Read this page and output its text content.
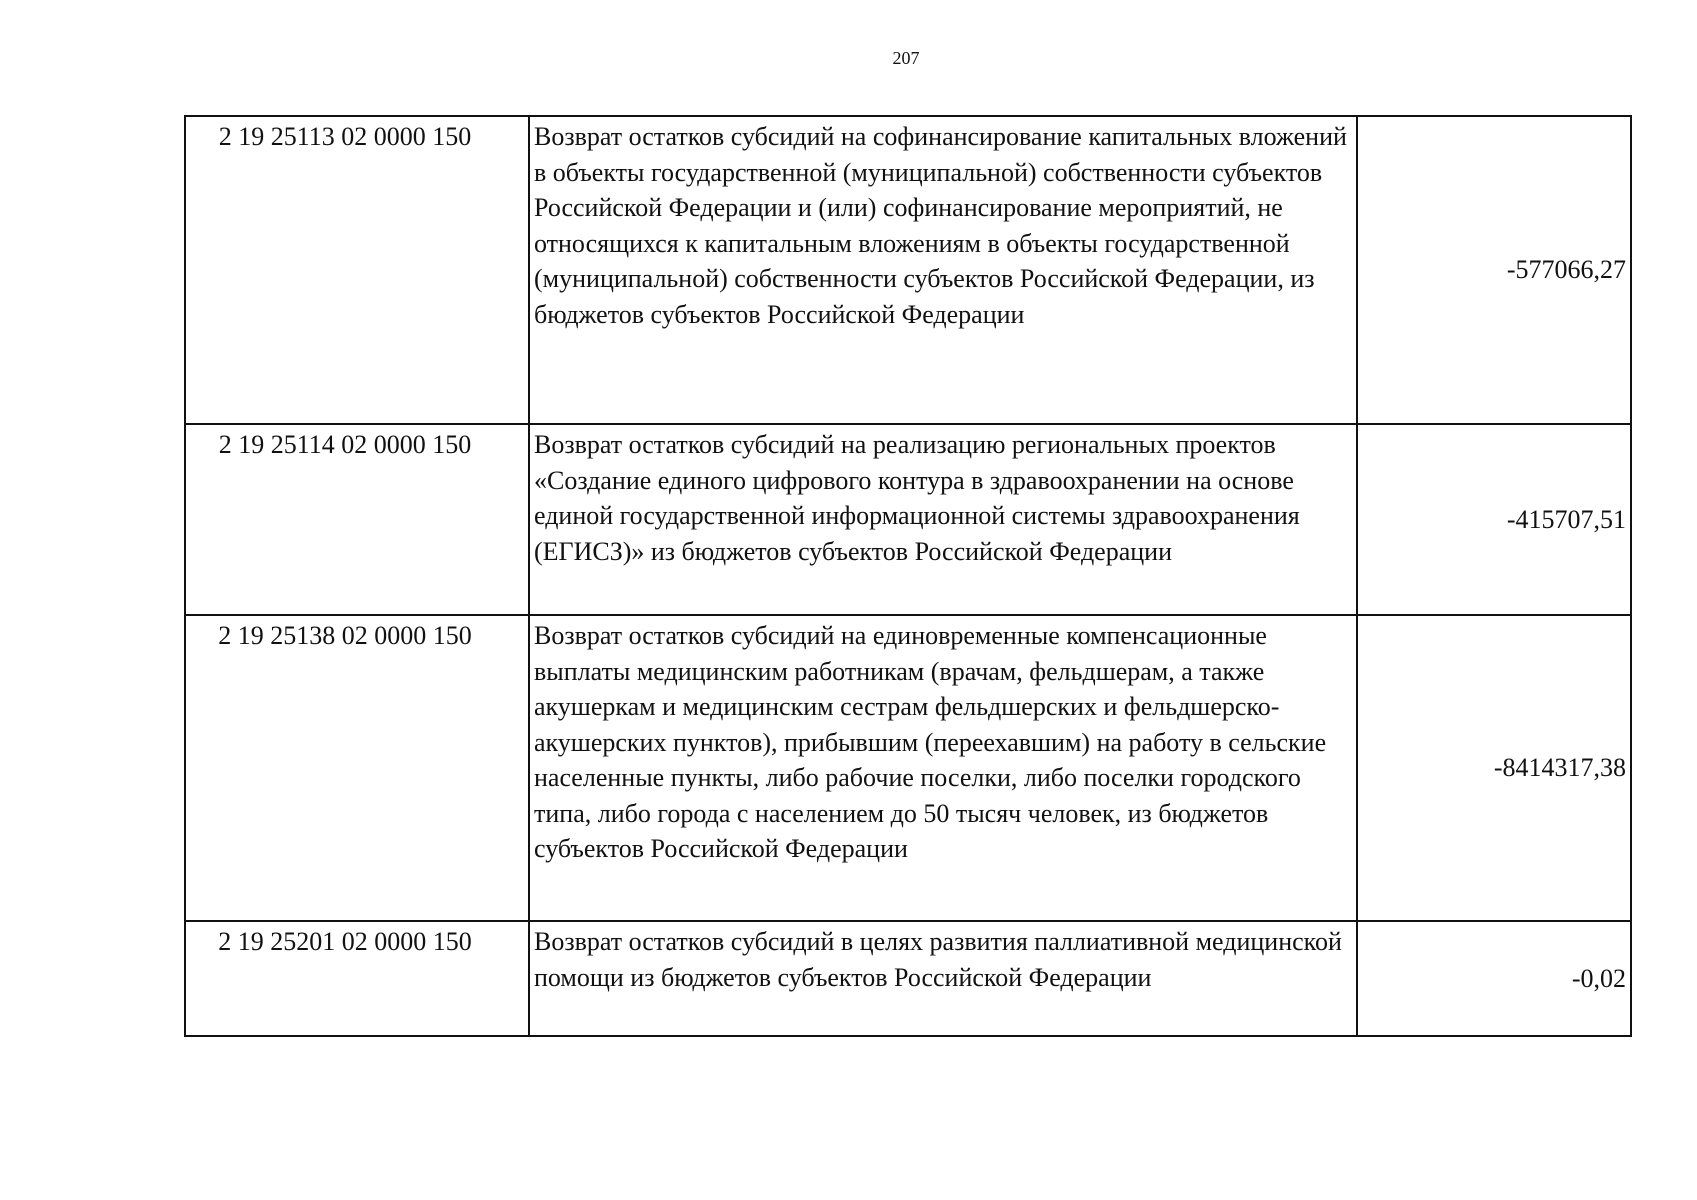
207
2 19 25113 02 0000 150	Возврат остатков субсидий на софинансирование капитальных вложений в объекты государственной (муниципальной) собственности субъектов Российской Федерации и (или) софинансирование мероприятий, не относящихся к капитальным вложениям в объекты государственной (муниципальной) собственности субъектов Российской Федерации, из бюджетов субъектов Российской Федерации	-577066,27
2 19 25114 02 0000 150	Возврат остатков субсидий на реализацию региональных проектов «Создание единого цифрового контура в здравоохранении на основе единой государственной информационной системы здравоохранения (ЕГИСЗ)» из бюджетов субъектов Российской Федерации	-415707,51
2 19 25138 02 0000 150	Возврат остатков субсидий на единовременные компенсационные выплаты медицинским работникам (врачам, фельдшерам, а также акушеркам и медицинским сестрам фельдшерских и фельдшерско-акушерских пунктов), прибывшим (переехавшим) на работу в сельские населенные пункты, либо рабочие поселки, либо поселки городского типа, либо города с населением до 50 тысяч человек, из бюджетов субъектов Российской Федерации	-8414317,38
2 19 25201 02 0000 150	Возврат остатков субсидий в целях развития паллиативной медицинской помощи из бюджетов субъектов Российской Федерации	-0,02
